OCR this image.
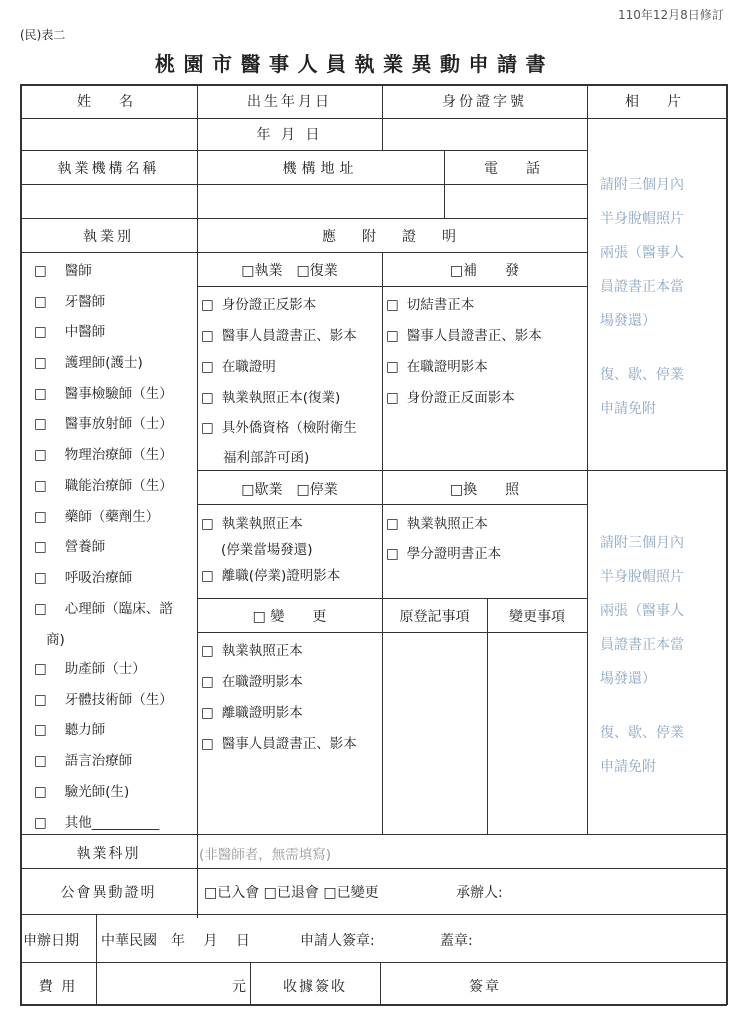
110年12月8日修訂
(民)表二
桃園市醫事人員執業異動申請書
姓　名	出生年月日	身份證字號	相　片
年 月 日
執業機構名稱	機構地址	電　話
執業別	應　附　證　明
□ 醫師
□ 牙醫師
□ 中醫師
□ 護理師(護士)
□ 醫事檢驗師（生）
□ 醫事放射師（士）
□ 物理治療師（生）
□ 職能治療師（生）
□ 藥師（藥劑生）
□ 營養師
□ 呼吸治療師
□ 心理師（臨床、諮
商)
□ 助產師（士）
□ 牙體技術師（生）
□ 聽力師
□ 語言治療師
□ 驗光師(生)
□ 其他__________
□執業　□復業
□ 身份證正反影本
□ 醫事人員證書正、影本
□ 在職證明
□ 執業執照正本(復業)
□ 具外僑資格（檢附衛生
福利部許可函)
□補　　發
□ 切結書正本
□ 醫事人員證書正、影本
□ 在職證明影本
□ 身份證正反面影本
□歇業　□停業
□ 執業執照正本
(停業當場發還)
□ 離職(停業)證明影本
□換　　照
□ 執業執照正本
□ 學分證明書正本
□ 變　　更	原登記事項	變更事項
□ 執業執照正本
□ 在職證明影本
□ 離職證明影本
□ 醫事人員證書正、影本
請附三個月內
半身脫帽照片
兩張（醫事人
員證書正本當
場發還）
復、歇、停業
申請免附
請附三個月內
半身脫帽照片
兩張（醫事人
員證書正本當
場發還）
復、歇、停業
申請免附
執業科別	(非醫師者，無需填寫)
公會異動證明	□已入會 □已退會 □已變更	承辦人:
申辦日期 中華民國　年　 月　 日	申請人簽章:	蓋章:
費 用	元	收據簽收	簽章
